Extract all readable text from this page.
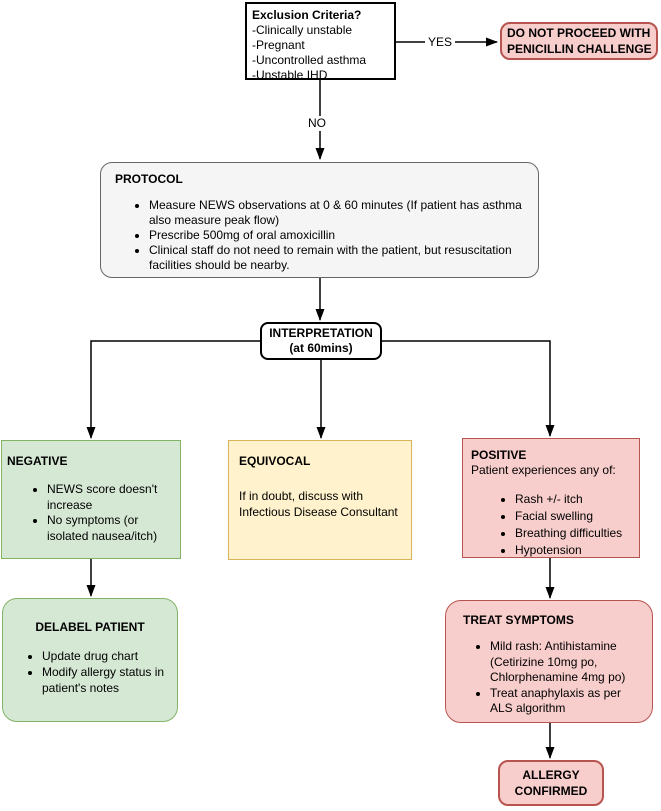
Exclusion Criteria?
-Clinically unstable
-Pregnant
-Uncontrolled asthma
-Unstable IHD
YES
NO
DO NOT PROCEED WITH PENICILLIN CHALLENGE
PROTOCOL
• Measure NEWS observations at 0 & 60 minutes (If patient has asthma also measure peak flow)
• Prescribe 500mg of oral amoxicillin
• Clinical staff do not need to remain with the patient, but resuscitation facilities should be nearby.
INTERPRETATION
(at 60mins)
NEGATIVE
• NEWS score doesn't increase
• No symptoms (or isolated nausea/itch)
EQUIVOCAL
If in doubt, discuss with Infectious Disease Consultant
POSITIVE
Patient experiences any of:
• Rash +/- itch
• Facial swelling
• Breathing difficulties
• Hypotension
DELABEL PATIENT
• Update drug chart
• Modify allergy status in patient's notes
TREAT SYMPTOMS
• Mild rash: Antihistamine (Cetirizine 10mg po, Chlorphenamine 4mg po)
• Treat anaphylaxis as per ALS algorithm
ALLERGY CONFIRMED
